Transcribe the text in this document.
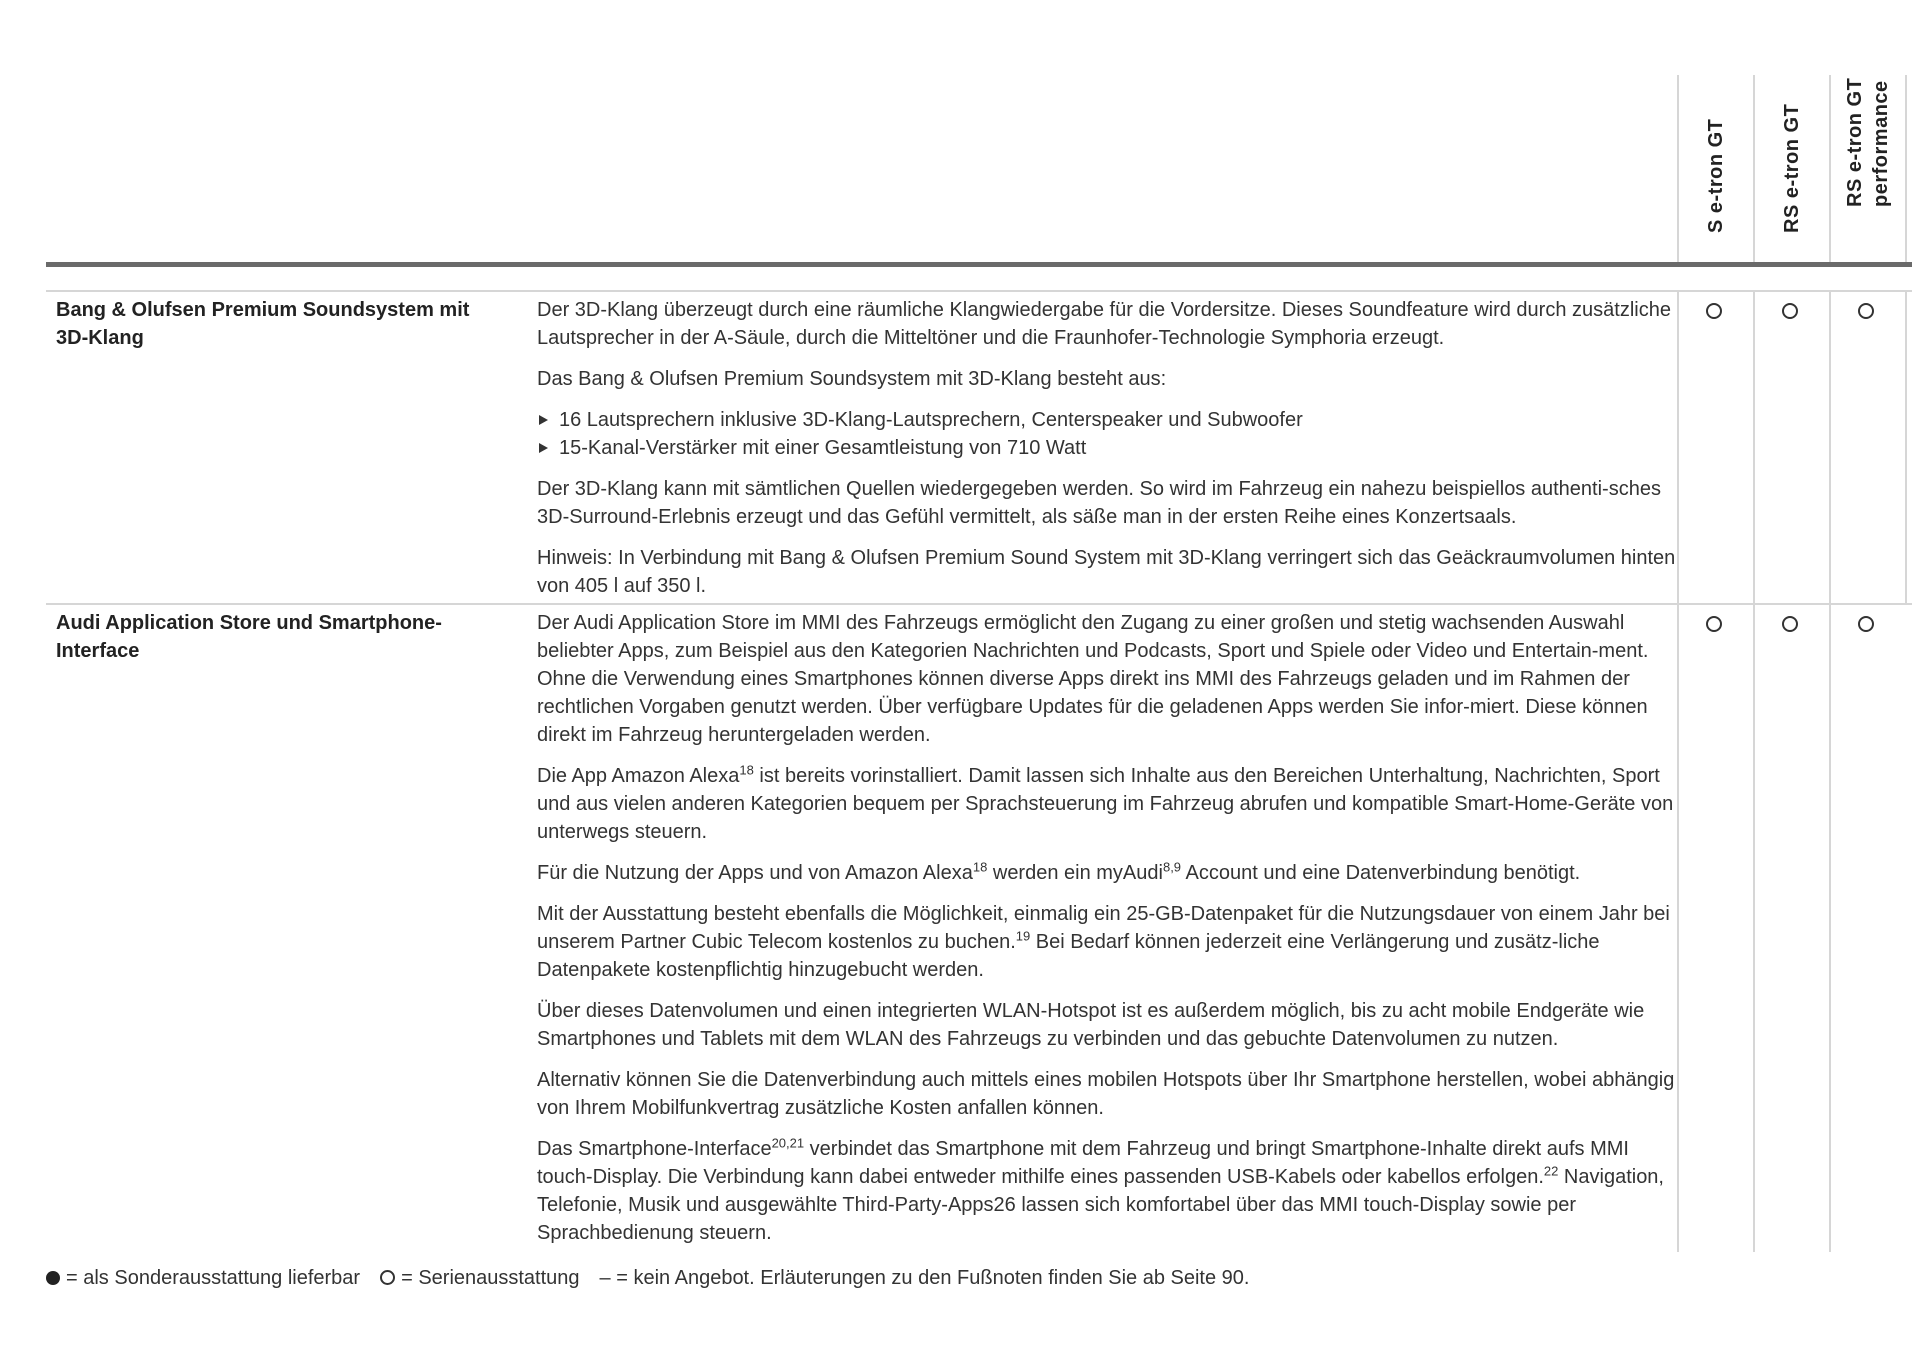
S e-tron GT	RS e-tron GT RS e-tron GT performance
Bang & Olufsen Premium Soundsystem mit 3D-Klang

Der 3D-Klang überzeugt durch eine räumliche Klangwiedergabe für die Vordersitze. Dieses Soundfeature wird durch zusätzliche Lautsprecher in der A-Säule, durch die Mitteltöner und die Fraunhofer-Technologie Symphoria erzeugt.

Das Bang & Olufsen Premium Soundsystem mit 3D-Klang besteht aus:

16 Lautsprechern inklusive 3D-Klang-Lautsprechern, Centerspeaker und Subwoofer
15-Kanal-Verstärker mit einer Gesamtleistung von 710 Watt

Der 3D-Klang kann mit sämtlichen Quellen wiedergegeben werden. So wird im Fahrzeug ein nahezu beispiellos authenti-sches 3D-Surround-Erlebnis erzeugt und das Gefühl vermittelt, als säße man in der ersten Reihe eines Konzertsaals.

Hinweis: In Verbindung mit Bang & Olufsen Premium Sound System mit 3D-Klang verringert sich das Geäckraumvolumen hinten von 405 l auf 350 l.

Audi Application Store und Smartphone-Interface

Der Audi Application Store im MMI des Fahrzeugs ermöglicht den Zugang zu einer großen und stetig wachsenden Auswahl beliebter Apps, zum Beispiel aus den Kategorien Nachrichten und Podcasts, Sport und Spiele oder Video und Entertain-ment. Ohne die Verwendung eines Smartphones können diverse Apps direkt ins MMI des Fahrzeugs geladen und im Rahmen der rechtlichen Vorgaben genutzt werden. Über verfügbare Updates für die geladenen Apps werden Sie infor-miert. Diese können direkt im Fahrzeug heruntergeladen werden.

Die App Amazon Alexa$^{18}$ ist bereits vorinstalliert. Damit lassen sich Inhalte aus den Bereichen Unterhaltung, Nachrichten, Sport und aus vielen anderen Kategorien bequem per Sprachsteuerung im Fahrzeug abrufen und kompatible Smart-Home-Geräte von unterwegs steuern.

Für die Nutzung der Apps und von Amazon Alexa$^{18}$ werden ein myAudi$^{8,9}$ Account und eine Datenverbindung benötigt.

Mit der Ausstattung besteht ebenfalls die Möglichkeit, einmalig ein 25-GB-Datenpaket für die Nutzungsdauer von einem Jahr bei unserem Partner Cubic Telecom kostenlos zu buchen.$^{19}$ Bei Bedarf können jederzeit eine Verlängerung und zusätz-liche Datenpakete kostenpflichtig hinzugebucht werden.

Über dieses Datenvolumen und einen integrierten WLAN-Hotspot ist es außerdem möglich, bis zu acht mobile Endgeräte wie Smartphones und Tablets mit dem WLAN des Fahrzeugs zu verbinden und das gebuchte Datenvolumen zu nutzen.

Alternativ können Sie die Datenverbindung auch mittels eines mobilen Hotspots über Ihr Smartphone herstellen, wobei abhängig von Ihrem Mobilfunkvertrag zusätzliche Kosten anfallen können.

Das Smartphone-Interface$^{20,21}$ verbindet das Smartphone mit dem Fahrzeug und bringt Smartphone-Inhalte direkt aufs MMI touch-Display. Die Verbindung kann dabei entweder mithilfe eines passenden USB-Kabels oder kabellos erfolgen.$^{22}$ Navigation, Telefonie, Musik und ausgewählte Third-Party-Apps26 lassen sich komfortabel über das MMI touch-Display sowie per Sprachbedienung steuern.

= als Sonderausstattung lieferbar = Serienausstattung – = kein Angebot. Erläuterungen zu den Fußnoten finden Sie ab Seite 90.
